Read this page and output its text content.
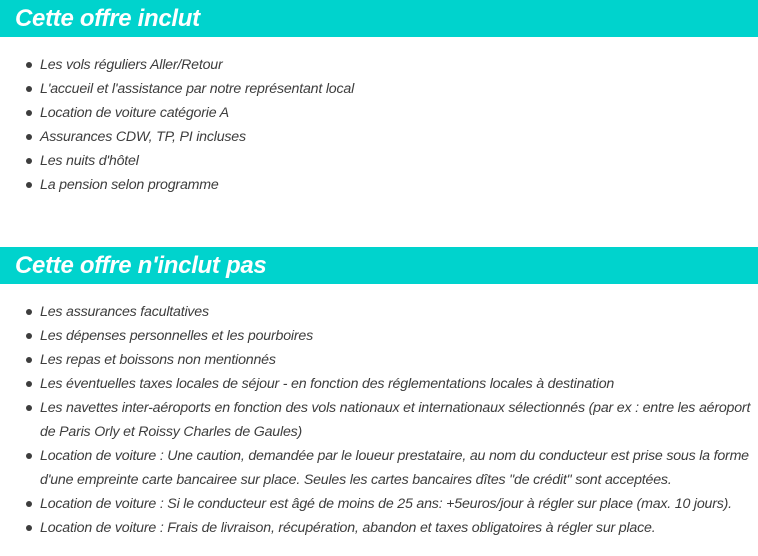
Cette offre inclut
Les vols réguliers Aller/Retour
L'accueil et l'assistance par notre représentant local
Location de voiture catégorie A
Assurances CDW, TP, PI incluses
Les nuits d'hôtel
La pension selon programme
Cette offre n'inclut pas
Les assurances facultatives
Les dépenses personnelles et les pourboires
Les repas et boissons non mentionnés
Les éventuelles taxes locales de séjour - en fonction des réglementations locales à destination
Les navettes inter-aéroports en fonction des vols nationaux et internationaux sélectionnés (par ex : entre les aéroport de Paris Orly et Roissy Charles de Gaules)
Location de voiture : Une caution, demandée par le loueur prestataire, au nom du conducteur est prise sous la forme d'une empreinte carte bancairee sur place. Seules les cartes bancaires dîtes "de crédit" sont acceptées.
Location de voiture : Si le conducteur est âgé de moins de 25 ans: +5euros/jour à régler sur place (max. 10 jours).
Location de voiture : Frais de livraison, récupération, abandon et taxes obligatoires à régler sur place.
